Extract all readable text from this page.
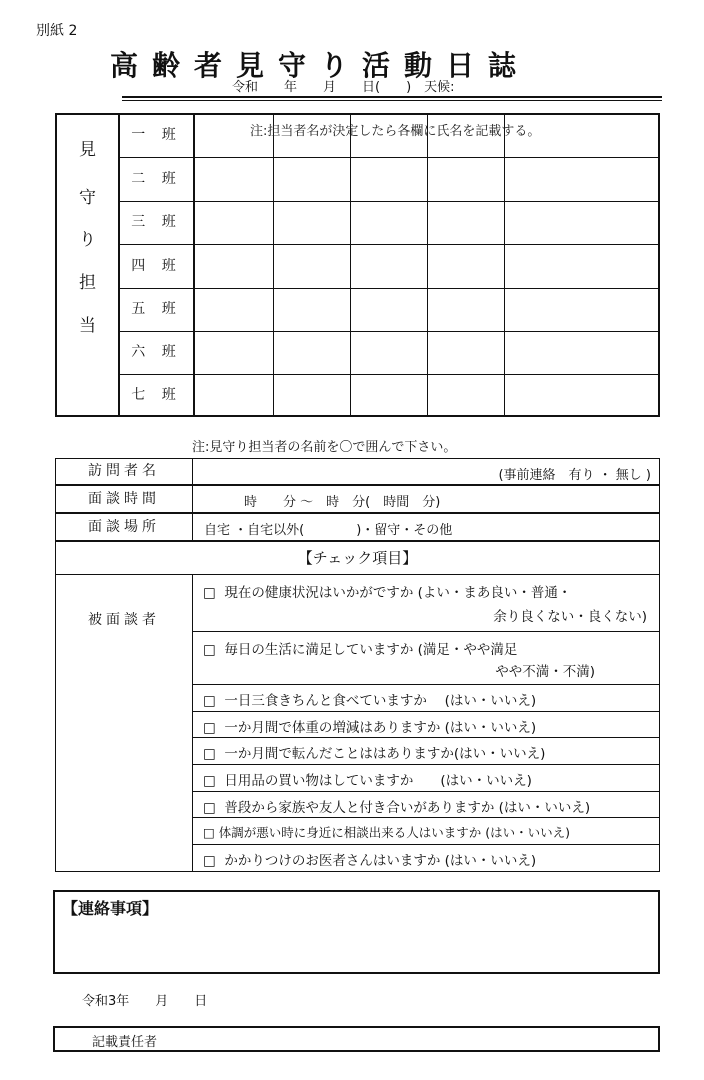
別紙 2
高齢者見守り活動日誌
令和　　年　　月　　日(　　)　天候:
見
守
り
担
当
一 班
二 班
三 班
四 班
五 班
六 班
七 班
注:担当者名が決定したら各欄に氏名を記載する。
注:見守り担当者の名前を〇で囲んで下さい。
訪問者名	(事前連絡　有り ・ 無し )
面談時間	時　　分 〜　時　分(　時間　分)
面談場所	自宅 ・自宅以外(　　　　)・留守・その他
【チェック項目】
被面談者
□  現在の健康状況はいかがですか (よい・まあ良い・普通・
余り良くない・良くない)
□  毎日の生活に満足していますか (満足・やや満足
やや不満・不満)
□  一日三食きちんと食べていますか　 (はい・いいえ)
□  一か月間で体重の増減はありますか (はい・いいえ)
□  一か月間で転んだことははありますか(はい・いいえ)
□  日用品の買い物はしていますか　　(はい・いいえ)
□  普段から家族や友人と付き合いがありますか (はい・いいえ)
□ 体調が悪い時に身近に相談出来る人はいますか (はい・いいえ)
□  かかりつけのお医者さんはいますか (はい・いいえ)
【連絡事項】
令和3年　　月　　日
記載責任者
